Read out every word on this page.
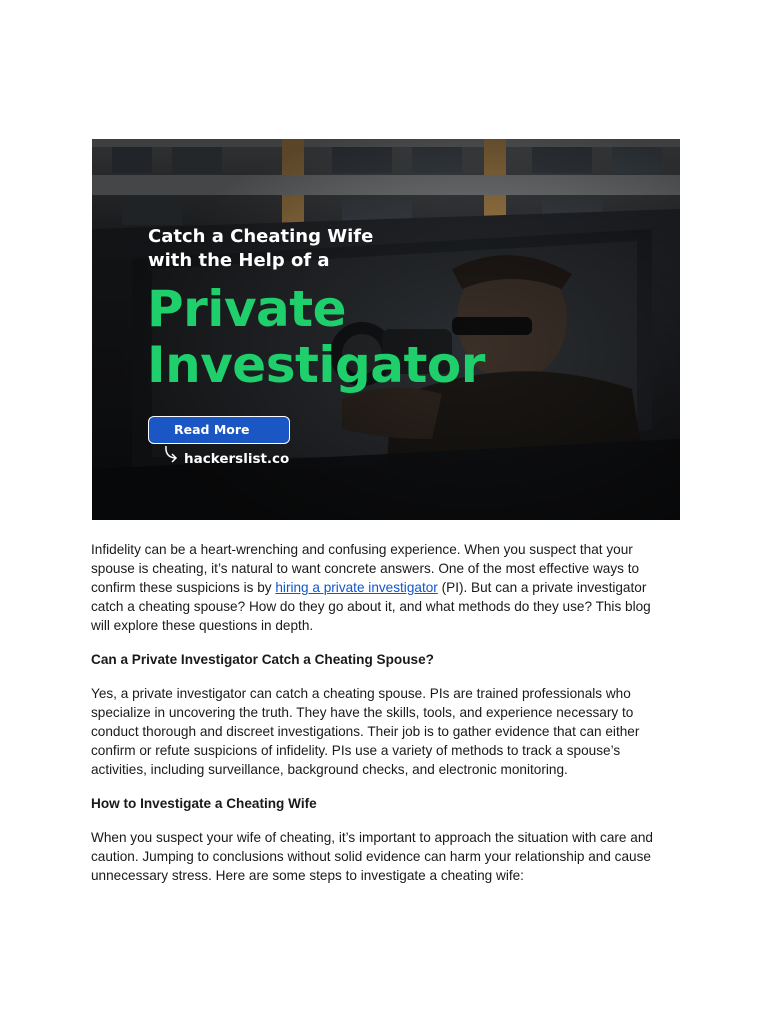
Catch a Cheating Wife
with the Help of a
Private
Investigator
Read More
hackerslist.co

Infidelity can be a heart-wrenching and confusing experience. When you suspect that your spouse is cheating, it’s natural to want concrete answers. One of the most effective ways to confirm these suspicions is by hiring a private investigator (PI). But can a private investigator catch a cheating spouse? How do they go about it, and what methods do they use? This blog will explore these questions in depth.

Can a Private Investigator Catch a Cheating Spouse?

Yes, a private investigator can catch a cheating spouse. PIs are trained professionals who specialize in uncovering the truth. They have the skills, tools, and experience necessary to conduct thorough and discreet investigations. Their job is to gather evidence that can either confirm or refute suspicions of infidelity. PIs use a variety of methods to track a spouse’s activities, including surveillance, background checks, and electronic monitoring.

How to Investigate a Cheating Wife

When you suspect your wife of cheating, it’s important to approach the situation with care and caution. Jumping to conclusions without solid evidence can harm your relationship and cause unnecessary stress. Here are some steps to investigate a cheating wife:
